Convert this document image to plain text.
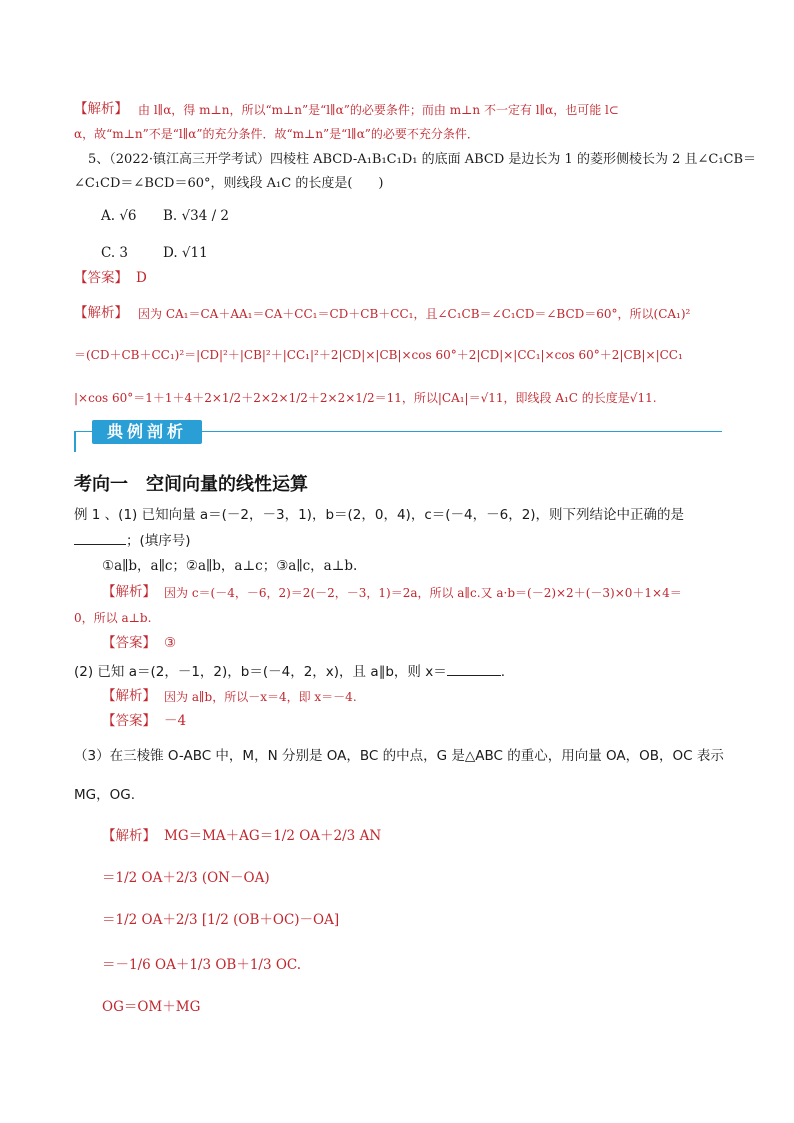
【解析】 由 l∥α，得 m⊥n，所以“m⊥n”是“l∥α”的必要条件；而由 m⊥n 不一定有 l∥α，也可能 l⊂
α，故“m⊥n”不是“l∥α”的充分条件．故“m⊥n”是“l∥α”的必要不充分条件．
5、（2022·镇江高三开学考试）四棱柱 ABCD-A₁B₁C₁D₁ 的底面 ABCD 是边长为 1 的菱形侧棱长为 2 且∠C₁CB＝
∠C₁CD＝∠BCD＝60°，则线段 A₁C 的长度是(　　)
A. √6 B. √34 / 2
C. 3	D. √11
【答案】 D
【解析】 因为 CA₁＝CA＋AA₁＝CA＋CC₁＝CD＋CB＋CC₁，且∠C₁CB＝∠C₁CD＝∠BCD＝60°，所以(CA₁)²
＝(CD＋CB＋CC₁)²＝|CD|²＋|CB|²＋|CC₁|²＋2|CD|×|CB|×cos 60°＋2|CD|×|CC₁|×cos 60°＋2|CB|×|CC₁
|×cos 60°＝1＋1＋4＋2×1/2＋2×2×1/2＋2×2×1/2＝11，所以|CA₁|＝√11，即线段 A₁C 的长度是√11.
典例剖析
考向一　空间向量的线性运算
例 1 、(1) 已知向量 a＝(－2，－3，1)，b＝(2，0，4)，c＝(－4，－6，2)，则下列结论中正确的是
；(填序号)
①a∥b，a∥c；②a∥b，a⊥c；③a∥c，a⊥b.
【解析】 因为 c＝(－4，－6，2)＝2(－2，－3，1)＝2a，所以 a∥c.又 a·b＝(－2)×2＋(－3)×0＋1×4＝
0，所以 a⊥b.
【答案】 ③
(2) 已知 a＝(2，－1，2)，b＝(－4，2，x)，且 a∥b，则 x＝	.
【解析】 因为 a∥b，所以－x＝4，即 x＝－4.
【答案】 －4
（3）在三棱锥 O-ABC 中，M，N 分别是 OA，BC 的中点，G 是△ABC 的重心，用向量 OA，OB，OC 表示
MG，OG.
【解析】 MG＝MA＋AG＝1/2 OA＋2/3 AN
＝1/2 OA＋2/3 (ON－OA)
＝1/2 OA＋2/3 [1/2 (OB＋OC)－OA]
＝－1/6 OA＋1/3 OB＋1/3 OC.
OG＝OM＋MG
